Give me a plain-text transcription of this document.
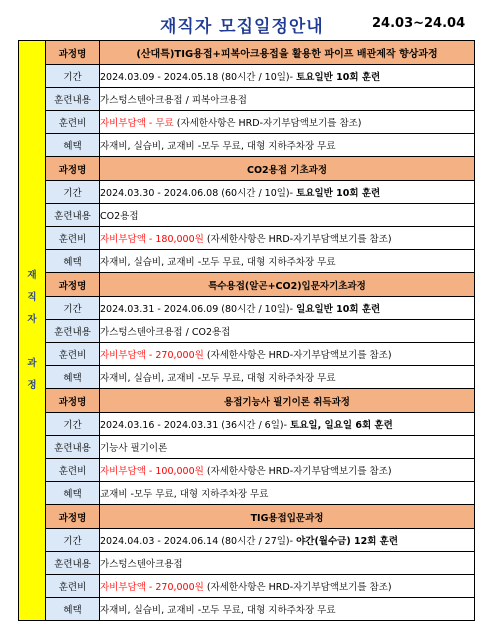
재직자 모집일정안내	24.03~24.04
재
직
자

과
정	과정명	(산대특)TIG용접+피복아크용접을 활용한 파이프 배관제작 향상과정
	기간	2024.03.09 - 2024.05.18 (80시간 / 10일)- 토요일반 10회 훈련
	훈련내용	가스텅스텐아크용접 / 피복아크용접
	훈련비	자비부담액 - 무료 (자세한사항은 HRD-자기부담액보기를 참조)
	혜택	자재비, 실습비, 교재비 -모두 무료, 대형 지하주차장 무료
	과정명	CO2용접 기초과정
	기간	2024.03.30 - 2024.06.08 (60시간 / 10일)- 토요일반 10회 훈련
	훈련내용	CO2용접
	훈련비	자비부담액 - 180,000원 (자세한사항은 HRD-자기부담액보기를 참조)
	혜택	자재비, 실습비, 교재비 -모두 무료, 대형 지하주차장 무료
	과정명	특수용접(알곤+CO2)입문자기초과정
	기간	2024.03.31 - 2024.06.09 (80시간 / 10일)- 일요일반 10회 훈련
	훈련내용	가스텅스텐아크용접 / CO2용접
	훈련비	자비부담액 - 270,000원 (자세한사항은 HRD-자기부담액보기를 참조)
	혜택	자재비, 실습비, 교재비 -모두 무료, 대형 지하주차장 무료
	과정명	용접기능사 필기이론 취득과정
	기간	2024.03.16 - 2024.03.31 (36시간 / 6일)- 토요일, 일요일 6회 훈련
	훈련내용	기능사 필기이론
	훈련비	자비부담액 - 100,000원 (자세한사항은 HRD-자기부담액보기를 참조)
	혜택	교재비 -모두 무료, 대형 지하주차장 무료
	과정명	TIG용접입문과정
	기간	2024.04.03 - 2024.06.14 (80시간 / 27일)- 야간(월수금) 12회 훈련
	훈련내용	가스텅스텐아크용접
	훈련비	자비부담액 - 270,000원 (자세한사항은 HRD-자기부담액보기를 참조)
	혜택	자재비, 실습비, 교재비 -모두 무료, 대형 지하주차장 무료
